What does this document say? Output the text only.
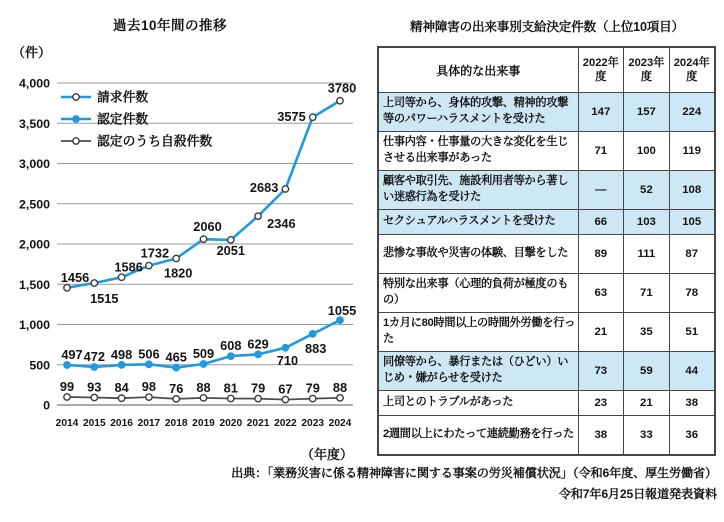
過去10年間の推移
（件）
0
500
1,000
1,500
2,000
2,500
3,000
3,500
4,000
2014 2015 2016 2017 2018 2019 2020 2021 2022 2023 2024
1456
1515
1586
1732
1820
2060
2051
2346
2683
3575
3780
497 472 498 506 465 509
608 629
710
883
1055
99 93 84 98 76 88 81 79 67 79 88
請求件数
認定件数
認定のうち自殺件数
（年度）
精神障害の出来事別支給決定件数（上位10項目）
具体的な出来事	2022年度	2023年度	2024年度
上司等から、身体的攻撃、精神的攻撃等のパワーハラスメントを受けた	147	157	224
仕事内容・仕事量の大きな変化を生じさせる出来事があった	71	100	119
顧客や取引先、施設利用者等から著しい迷惑行為を受けた	―	52	108
セクシュアルハラスメントを受けた	66	103	105
悲惨な事故や災害の体験、目撃をした	89	111	87
特別な出来事（心理的負荷が極度のもの）	63	71	78
1カ月に80時間以上の時間外労働を行った	21	35	51
同僚等から、暴行または（ひどい）いじめ・嫌がらせを受けた	73	59	44
上司とのトラブルがあった	23	21	38
2週間以上にわたって連続勤務を行った	38	33	36
出典：「業務災害に係る精神障害に関する事案の労災補償状況」（令和6年度、厚生労働省）
令和7年6月25日報道発表資料
